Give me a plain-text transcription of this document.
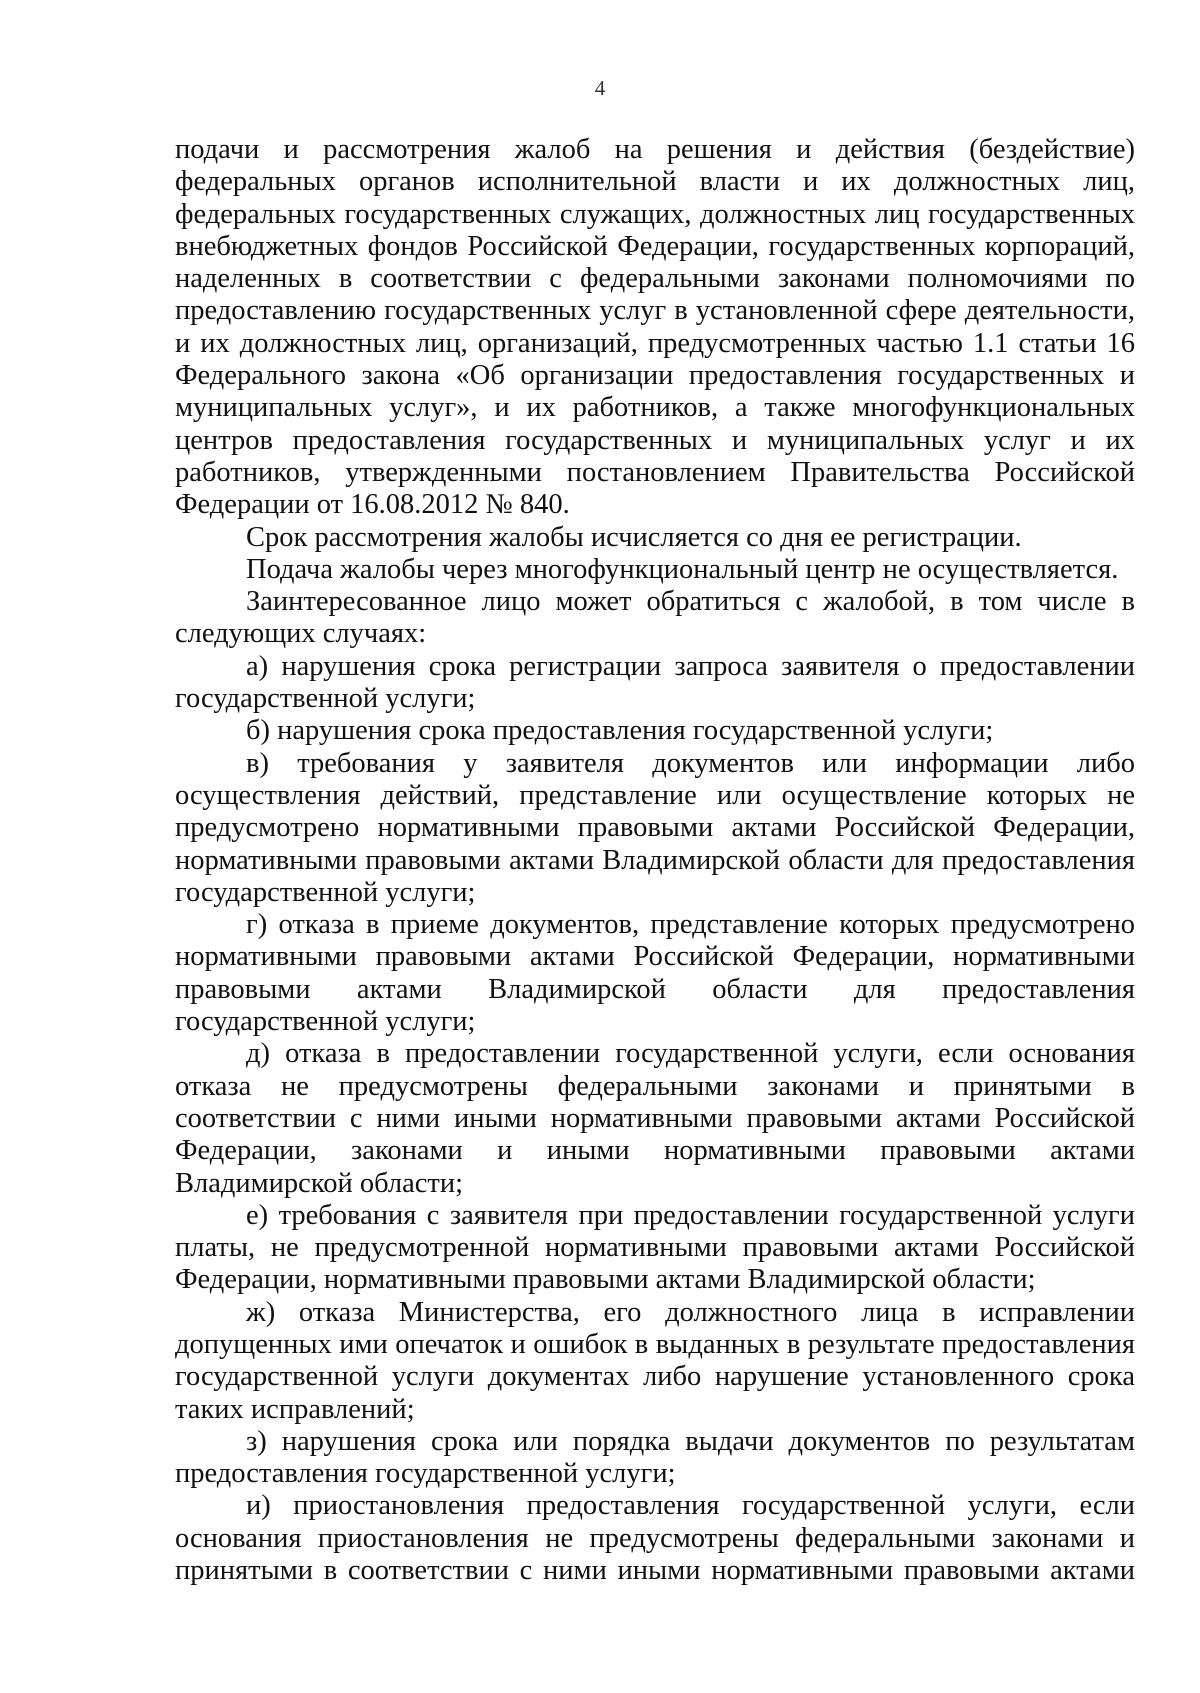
4

подачи и рассмотрения жалоб на решения и действия (бездействие) федеральных органов исполнительной власти и их должностных лиц, федеральных государственных служащих, должностных лиц государственных внебюджетных фондов Российской Федерации, государственных корпораций, наделенных в соответствии с федеральными законами полномочиями по предоставлению государственных услуг в установленной сфере деятельности, и их должностных лиц, организаций, предусмотренных частью 1.1 статьи 16 Федерального закона «Об организации предоставления государственных и муниципальных услуг», и их работников, а также многофункциональных центров предоставления государственных и муниципальных услуг и их работников, утвержденными постановлением Правительства Российской Федерации от 16.08.2012 № 840.

Срок рассмотрения жалобы исчисляется со дня ее регистрации.

Подача жалобы через многофункциональный центр не осуществляется.

Заинтересованное лицо может обратиться с жалобой, в том числе в следующих случаях:

а) нарушения срока регистрации запроса заявителя о предоставлении государственной услуги;

б) нарушения срока предоставления государственной услуги;

в) требования у заявителя документов или информации либо осуществления действий, представление или осуществление которых не предусмотрено нормативными правовыми актами Российской Федерации, нормативными правовыми актами Владимирской области для предоставления государственной услуги;

г) отказа в приеме документов, представление которых предусмотрено нормативными правовыми актами Российской Федерации, нормативными правовыми актами Владимирской области для предоставления государственной услуги;

д) отказа в предоставлении государственной услуги, если основания отказа не предусмотрены федеральными законами и принятыми в соответствии с ними иными нормативными правовыми актами Российской Федерации, законами и иными нормативными правовыми актами Владимирской области;

е) требования с заявителя при предоставлении государственной услуги платы, не предусмотренной нормативными правовыми актами Российской Федерации, нормативными правовыми актами Владимирской области;

ж) отказа Министерства, его должностного лица в исправлении допущенных ими опечаток и ошибок в выданных в результате предоставления государственной услуги документах либо нарушение установленного срока таких исправлений;

з) нарушения срока или порядка выдачи документов по результатам предоставления государственной услуги;

и) приостановления предоставления государственной услуги, если основания приостановления не предусмотрены федеральными законами и принятыми в соответствии с ними иными нормативными правовыми актами
